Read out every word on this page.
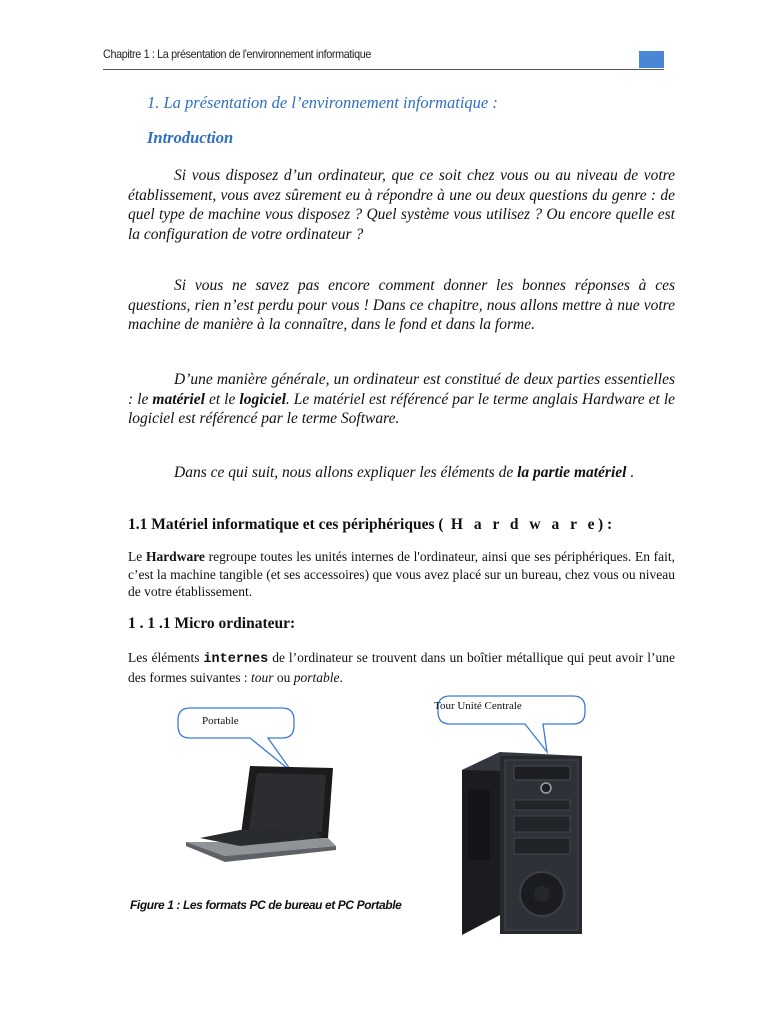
Chapitre 1 : La présentation de l'environnement informatique
1. La présentation de l’environnement informatique :
Introduction
Si vous disposez d’un ordinateur, que ce soit chez vous ou au niveau de votre établissement, vous avez sûrement eu à répondre à une ou deux questions du genre : de quel type de machine vous disposez ? Quel système vous utilisez ? Ou encore quelle est la configuration de votre ordinateur ?
Si vous ne savez pas encore comment donner les bonnes réponses à ces questions, rien n’est perdu pour vous ! Dans ce chapitre, nous allons mettre à nue votre machine de manière à la connaître, dans le fond et dans la forme.
D’une manière générale, un ordinateur est constitué de deux parties essentielles : le matériel et le logiciel. Le matériel est référencé par le terme anglais Hardware et le logiciel est référencé par le terme Software.
Dans ce qui suit, nous allons expliquer les éléments de la partie matériel .
1.1 Matériel informatique et ces périphériques ( H a r d w a r e) :
Le Hardware regroupe toutes les unités internes de l'ordinateur, ainsi que ses périphériques. En fait, c’est la machine tangible (et ses accessoires) que vous avez placé sur un bureau, chez vous ou niveau de votre établissement.
1 . 1 .1 Micro ordinateur:
Les éléments internes de l’ordinateur se trouvent dans un boîtier métallique qui peut avoir l’une des formes suivantes : tour ou portable.
Portable
Tour Unité Centrale
Figure 1 : Les formats PC de bureau et PC Portable
